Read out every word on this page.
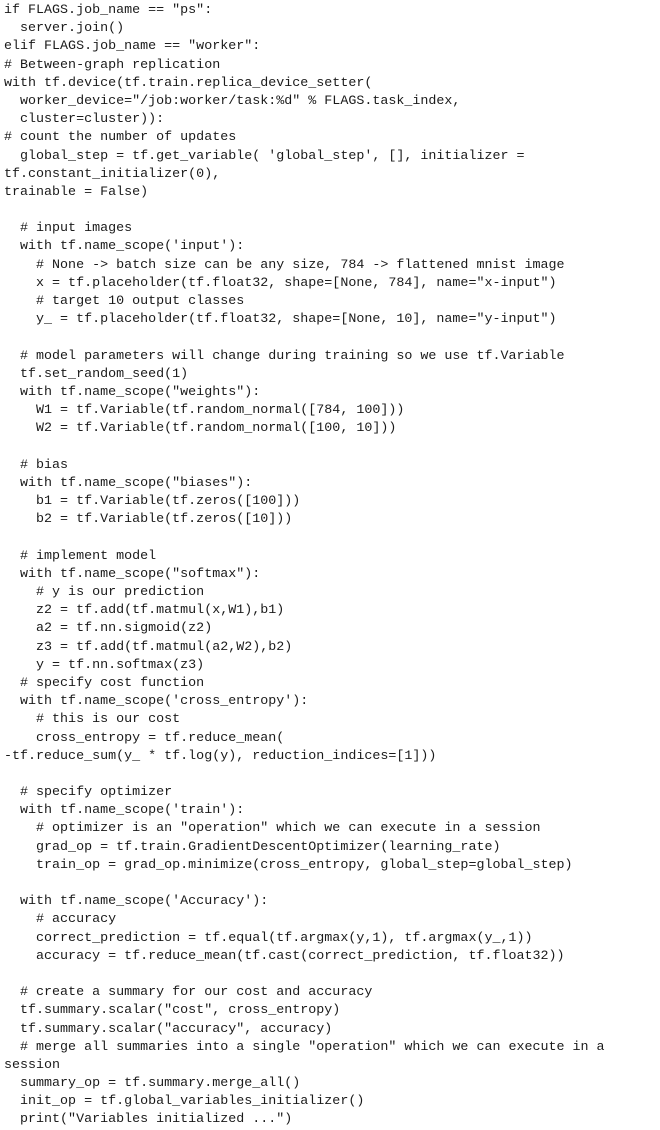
if FLAGS.job_name == "ps":
server.join()
elif FLAGS.job_name == "worker":
# Between-graph replication
with tf.device(tf.train.replica_device_setter(
worker_device="/job:worker/task:%d" % FLAGS.task_index,
cluster=cluster)):
# count the number of updates
global_step = tf.get_variable( 'global_step', [], initializer =
tf.constant_initializer(0),
trainable = False)
# input images
with tf.name_scope('input'):
# None -> batch size can be any size, 784 -> flattened mnist image
x = tf.placeholder(tf.float32, shape=[None, 784], name="x-input")
# target 10 output classes
y_ = tf.placeholder(tf.float32, shape=[None, 10], name="y-input")
# model parameters will change during training so we use tf.Variable
tf.set_random_seed(1)
with tf.name_scope("weights"):
W1 = tf.Variable(tf.random_normal([784, 100]))
W2 = tf.Variable(tf.random_normal([100, 10]))
# bias
with tf.name_scope("biases"):
b1 = tf.Variable(tf.zeros([100]))
b2 = tf.Variable(tf.zeros([10]))
# implement model
with tf.name_scope("softmax"):
# y is our prediction
z2 = tf.add(tf.matmul(x,W1),b1)
a2 = tf.nn.sigmoid(z2)
z3 = tf.add(tf.matmul(a2,W2),b2)
y = tf.nn.softmax(z3)
# specify cost function
with tf.name_scope('cross_entropy'):
# this is our cost
cross_entropy = tf.reduce_mean(
-tf.reduce_sum(y_ * tf.log(y), reduction_indices=[1]))
# specify optimizer
with tf.name_scope('train'):
# optimizer is an "operation" which we can execute in a session
grad_op = tf.train.GradientDescentOptimizer(learning_rate)
train_op = grad_op.minimize(cross_entropy, global_step=global_step)
with tf.name_scope('Accuracy'):
# accuracy
correct_prediction = tf.equal(tf.argmax(y,1), tf.argmax(y_,1))
accuracy = tf.reduce_mean(tf.cast(correct_prediction, tf.float32))
# create a summary for our cost and accuracy
tf.summary.scalar("cost", cross_entropy)
tf.summary.scalar("accuracy", accuracy)
# merge all summaries into a single "operation" which we can execute in a
session
summary_op = tf.summary.merge_all()
init_op = tf.global_variables_initializer()
print("Variables initialized ...")
